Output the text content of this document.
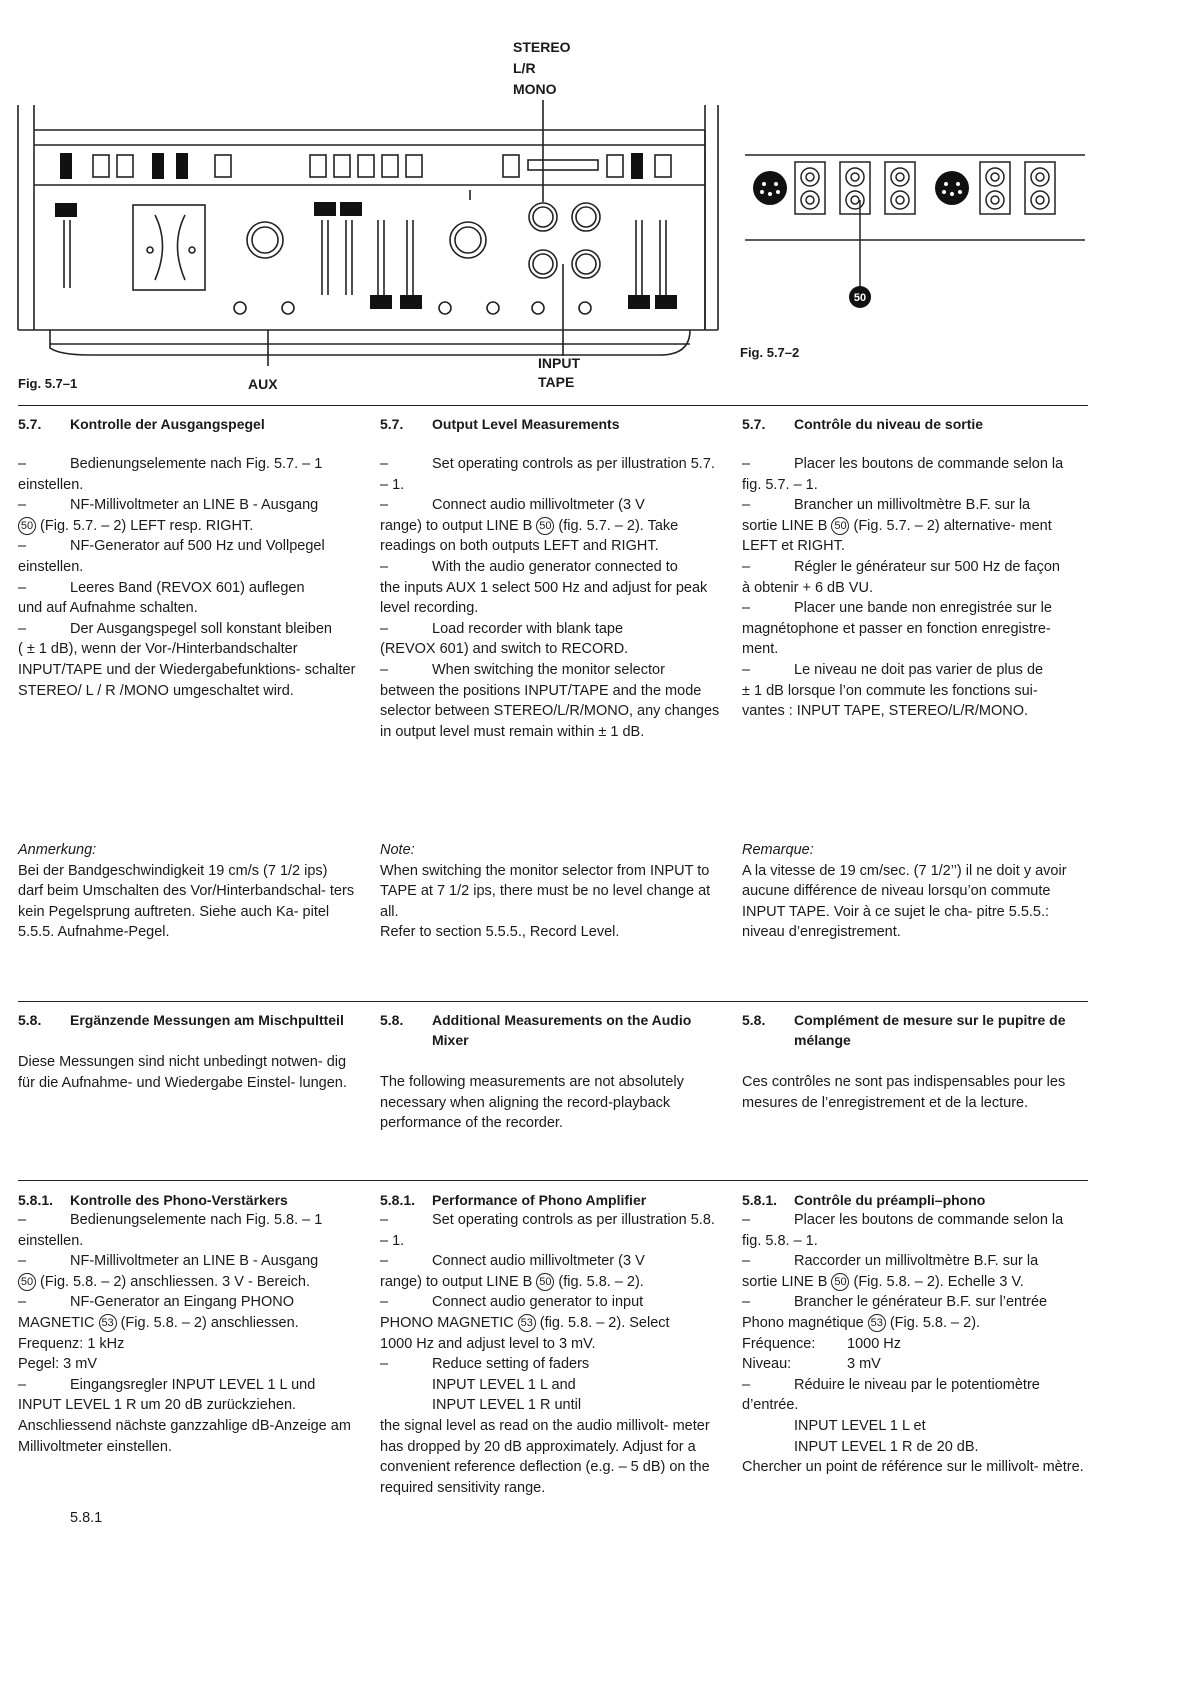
STEREO
L/R
MONO
INPUT
TAPE
AUX
Fig. 5.7–1
50
Fig. 5.7–2

5.7. Kontrolle der Ausgangspegel

–	Bedienungselemente nach Fig. 5.7. – 1 einstellen.

–	NF-Millivoltmeter an LINE B - Ausgang

50 (Fig. 5.7. – 2) LEFT resp. RIGHT.

–	NF-Generator auf 500 Hz und Vollpegel einstellen.

–	Leeres Band (REVOX 601) auflegen

und auf Aufnahme schalten.

–	Der Ausgangspegel soll konstant bleiben

( ± 1 dB), wenn der Vor-/Hinterbandschalter INPUT/TAPE und der Wiedergabefunktions- schalter STEREO/ L / R /MONO umgeschaltet wird.

5.7. Output Level Measurements

–	Set operating controls as per illustration 5.7. – 1.

–	Connect audio millivoltmeter (3 V

range) to output LINE B 50 (fig. 5.7. – 2). Take readings on both outputs LEFT and RIGHT.

–	With the audio generator connected to

the inputs AUX 1 select 500 Hz and adjust for peak level recording.

–	Load recorder with blank tape

(REVOX 601) and switch to RECORD.

–	When switching the monitor selector

between the positions INPUT/TAPE and the mode selector between STEREO/L/R/MONO, any changes in output level must remain within ± 1 dB.

5.7. Contrôle du niveau de sortie

–	Placer les boutons de commande selon la fig. 5.7. – 1.

–	Brancher un millivoltmètre B.F. sur la

sortie LINE B 50 (Fig. 5.7. – 2) alternative- ment LEFT et RIGHT.

–	Régler le générateur sur 500 Hz de façon

à obtenir + 6 dB VU.

–	Placer une bande non enregistrée sur le

magnétophone et passer en fonction enregistre- ment.

–	Le niveau ne doit pas varier de plus de

± 1 dB lorsque l’on commute les fonctions sui- vantes : INPUT TAPE, STEREO/L/R/MONO.

Anmerkung:

Bei der Bandgeschwindigkeit 19 cm/s (7 1/2 ips) darf beim Umschalten des Vor/Hinterbandschal- ters kein Pegelsprung auftreten. Siehe auch Ka- pitel 5.5.5. Aufnahme-Pegel.

Note:

When switching the monitor selector from INPUT to TAPE at 7 1/2 ips, there must be no level change at all.

Refer to section 5.5.5., Record Level.

Remarque:

A la vitesse de 19 cm/sec. (7 1/2’’) il ne doit y avoir aucune différence de niveau lorsqu’on commute INPUT TAPE. Voir à ce sujet le cha- pitre 5.5.5.: niveau d’enregistrement.

5.8. Ergänzende Messungen am Mischpultteil

Diese Messungen sind nicht unbedingt notwen- dig für die Aufnahme- und Wiedergabe Einstel- lungen.

5.8.	Additional Measurements on the Audio Mixer

The following measurements are not absolutely necessary when aligning the record-playback performance of the recorder.

5.8.	Complément de mesure sur le pupitre de mélange

Ces contrôles ne sont pas indispensables pour les mesures de l’enregistrement et de la lecture.

5.8.1. Kontrolle des Phono-Verstärkers

–	Bedienungselemente nach Fig. 5.8. – 1 einstellen.

–	NF-Millivoltmeter an LINE B - Ausgang

50 (Fig. 5.8. – 2) anschliessen. 3 V - Bereich.

–	NF-Generator an Eingang PHONO

MAGNETIC 53 (Fig. 5.8. – 2) anschliessen.

Frequenz: 1 kHz

Pegel: 3 mV

–	Eingangsregler INPUT LEVEL 1 L und

INPUT LEVEL 1 R um 20 dB zurückziehen.

Anschliessend nächste ganzzahlige dB-Anzeige am Millivoltmeter einstellen.

5.8.1. Performance of Phono Amplifier

–	Set operating controls as per illustration 5.8. – 1.

–	Connect audio millivoltmeter (3 V

range) to output LINE B 50 (fig. 5.8. – 2).

–	Connect audio generator to input

PHONO MAGNETIC 53 (fig. 5.8. – 2). Select

1000 Hz and adjust level to 3 mV.

–	Reduce setting of faders

INPUT LEVEL 1 L and

INPUT LEVEL 1 R until

the signal level as read on the audio millivolt- meter has dropped by 20 dB approximately. Adjust for a convenient reference deflection (e.g. – 5 dB) on the required sensitivity range.

5.8.1. Contrôle du préampli–phono

–	Placer les boutons de commande selon la fig. 5.8. – 1.

–	Raccorder un millivoltmètre B.F. sur la

sortie LINE B 50 (Fig. 5.8. – 2). Echelle 3 V.

–	Brancher le générateur B.F. sur l’entrée

Phono magnétique 53 (Fig. 5.8. – 2).

Fréquence: 1000 Hz

Niveau:	3 mV

–	Réduire le niveau par le potentiomètre d’entrée.

INPUT LEVEL 1 L et

INPUT LEVEL 1 R de 20 dB.

Chercher un point de référence sur le millivolt- mètre.

5.8.1
